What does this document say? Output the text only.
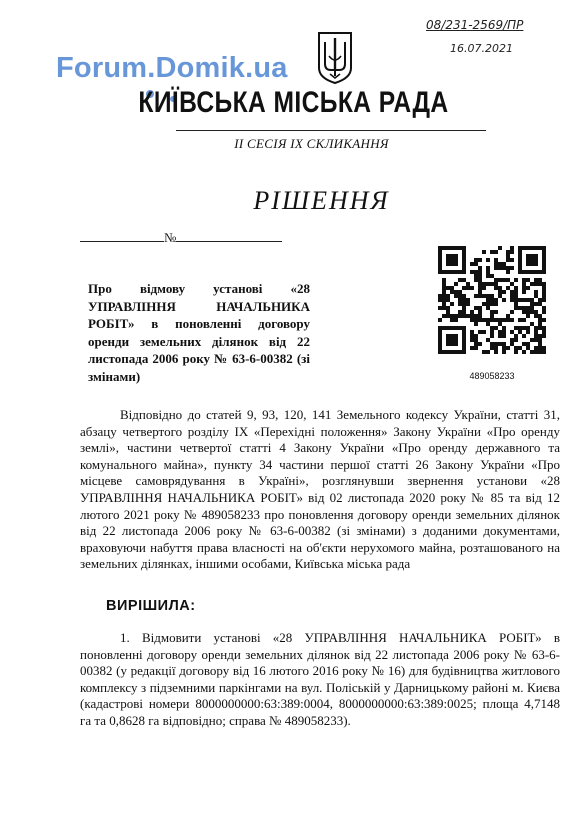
08/231-2569/ПР
16.07.2021
Forum.Domik.ua
КИЇВСЬКА МІСЬКА РАДА
ІІ СЕСІЯ IX СКЛИКАННЯ
РІШЕННЯ
№
Про відмову установі «28 УПРАВЛІННЯ НАЧАЛЬНИКА РОБІТ» в поновленні договору оренди земельних ділянок від 22 листопада 2006 року № 63-6-00382 (зі змінами)	489058233
Відповідно до статей 9, 93, 120, 141 Земельного кодексу України, статті 31, абзацу четвертого розділу IX «Перехідні положення» Закону України «Про оренду землі», частини четвертої статті 4 Закону України «Про оренду державного та комунального майна», пункту 34 частини першої статті 26 Закону України «Про місцеве самоврядування в Україні», розглянувши звернення установи «28 УПРАВЛІННЯ НАЧАЛЬНИКА РОБІТ» від 02 листопада 2020 року № 85 та від 12 лютого 2021 року № 489058233 про поновлення договору оренди земельних ділянок від 22 листопада 2006 року № 63-6-00382 (зі змінами) з доданими документами, враховуючи набуття права власності на об'єкти нерухомого майна, розташованого на земельних ділянках, іншими особами, Київська міська рада
ВИРІШИЛА:
1. Відмовити установі «28 УПРАВЛІННЯ НАЧАЛЬНИКА РОБІТ» в поновленні договору оренди земельних ділянок від 22 листопада 2006 року № 63-6-00382 (у редакції договору від 16 лютого 2016 року № 16) для будівництва житлового комплексу з підземними паркінгами на вул. Поліській у Дарницькому районі м. Києва (кадастрові номери 8000000000:63:389:0004, 8000000000:63:389:0025; площа 4,7148 га та 0,8628 га відповідно; справа № 489058233).
